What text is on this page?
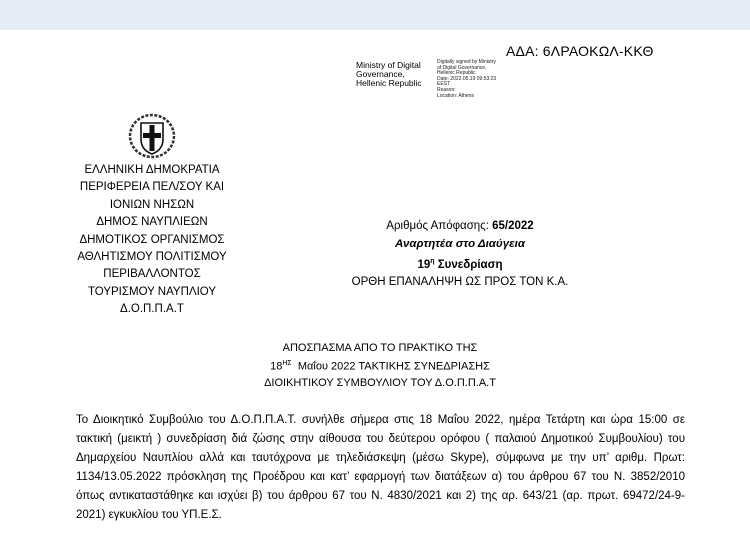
ΑΔΑ: 6ΛΡΑΟΚΩΛ-ΚΚΘ
Ministry of Digital
Governance,
Hellenic Republic
Digitally signed by Ministry
of Digital Governance,
Hellenic Republic
Date: 2022.05.19 09:53:23
EEST
Reason:
Location: Athens
ΕΛΛΗΝΙΚΗ ΔΗΜΟΚΡΑΤΙΑ
ΠΕΡΙΦΕΡΕΙΑ ΠΕΛ/ΣΟΥ ΚΑΙ
ΙΟΝΙΩΝ ΝΗΣΩΝ
ΔΗΜΟΣ ΝΑΥΠΛΙΕΩΝ
ΔΗΜΟΤΙΚΟΣ ΟΡΓΑΝΙΣΜΟΣ
ΑΘΛΗΤΙΣΜΟΥ ΠΟΛΙΤΙΣΜΟΥ
ΠΕΡΙΒΑΛΛΟΝΤΟΣ
ΤΟΥΡΙΣΜΟΥ ΝΑΥΠΛΙΟΥ
Δ.Ο.Π.Π.Α.Τ
Αριθμός Απόφασης: 65/2022
Αναρτητέα στο Διαύγεια
$19^\eta$ Συνεδρίαση
ΟΡΘΗ ΕΠΑΝΑΛΗΨΗ ΩΣ ΠΡΟΣ ΤΟΝ Κ.Α.
ΑΠΟΣΠΑΣΜΑ ΑΠΟ ΤΟ ΠΡΑΚΤΙΚΟ ΤΗΣ
$18^{H\Sigma}$ Μαΐου 2022 ΤΑΚΤΙΚΗΣ ΣΥΝΕΔΡΙΑΣΗΣ
ΔΙΟΙΚΗΤΙΚΟΥ ΣΥΜΒΟΥΛΙΟΥ ΤΟΥ Δ.Ο.Π.Π.Α.Τ
Το Διοικητικό Συμβούλιο του Δ.Ο.Π.Π.Α.Τ. συνήλθε σήμερα στις 18 Μαΐου 2022, ημέρα Τετάρτη και ώρα 15:00 σε τακτική (μεικτή ) συνεδρίαση διά ζώσης στην αίθουσα του δεύτερου ορόφου ( παλαιού Δημοτικού Συμβουλίου) του Δημαρχείου Ναυπλίου αλλά και ταυτόχρονα με τηλεδιάσκεψη (μέσω Skype), σύμφωνα με την υπ’ αριθμ. Πρωτ: 1134/13.05.2022 πρόσκληση της Προέδρου και κατ’ εφαρμογή των διατάξεων α) του άρθρου 67 του Ν. 3852/2010 όπως αντικαταστάθηκε και ισχύει β) του άρθρου 67 του Ν. 4830/2021 και 2) της αρ. 643/21 (αρ. πρωτ. 69472/24-9-2021) εγκυκλίου του ΥΠ.Ε.Σ.
